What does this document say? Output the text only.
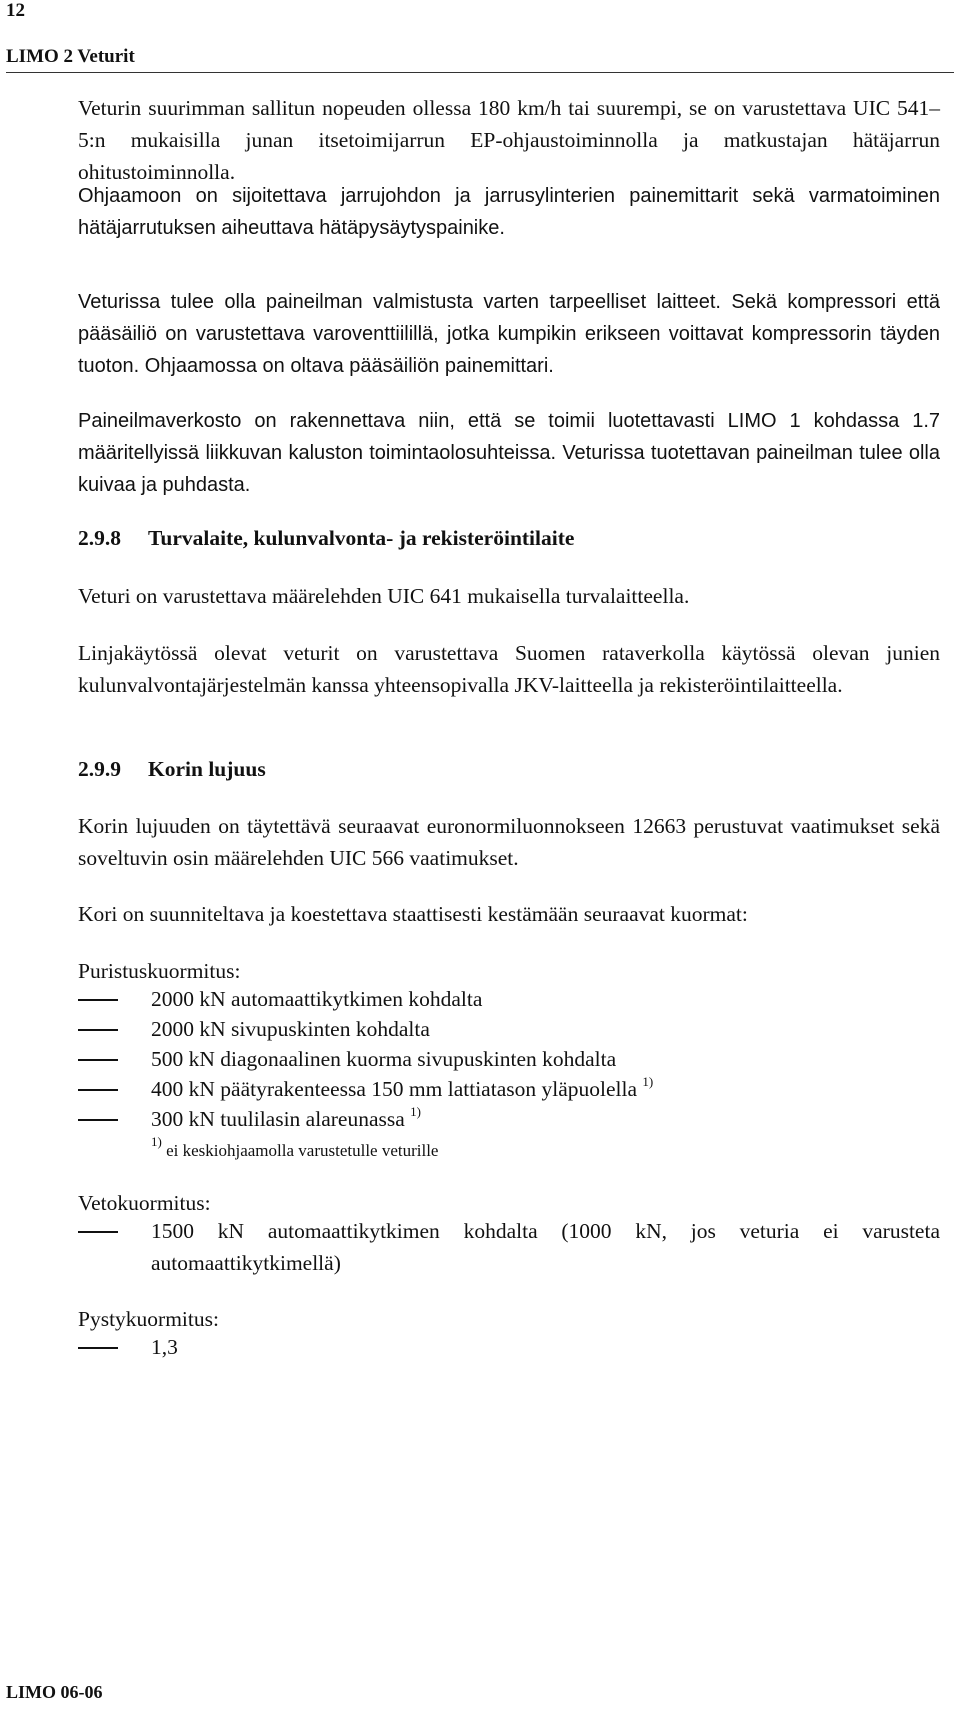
12
LIMO 2 Veturit

Veturin suurimman sallitun nopeuden ollessa 180 km/h tai suurempi, se on varustettava UIC 541–5:n mukaisilla junan itsetoimijarrun EP-ohjaustoiminnolla ja matkustajan hätäjarrun ohitustoiminnolla.

Ohjaamoon on sijoitettava jarrujohdon ja jarrusylinterien painemittarit sekä varmatoiminen hätäjarrutuksen aiheuttava hätäpysäytyspainike.

Veturissa tulee olla paineilman valmistusta varten tarpeelliset laitteet. Sekä kompressori että pääsäiliö on varustettava varoventtiilillä, jotka kumpikin erikseen voittavat kompressorin täyden tuoton. Ohjaamossa on oltava pääsäiliön painemittari.

Paineilmaverkosto on rakennettava niin, että se toimii luotettavasti LIMO 1 kohdassa 1.7 määritellyissä liikkuvan kaluston toimintaolosuhteissa. Veturissa tuotettavan paineilman tulee olla kuivaa ja puhdasta.

2.9.8 Turvalaite, kulunvalvonta- ja rekisteröintilaite

Veturi on varustettava määrelehden UIC 641 mukaisella turvalaitteella.

Linjakäytössä olevat veturit on varustettava Suomen rataverkolla käytössä olevan junien kulunvalvontajärjestelmän kanssa yhteensopivalla JKV-laitteella ja rekisteröintilaitteella.

2.9.9 Korin lujuus

Korin lujuuden on täytettävä seuraavat euronormiluonnokseen 12663 perustuvat vaatimukset sekä soveltuvin osin määrelehden UIC 566 vaatimukset.

Kori on suunniteltava ja koestettava staattisesti kestämään seuraavat kuormat:

Puristuskuormitus:
2000 kN automaattikytkimen kohdalta
2000 kN sivupuskinten kohdalta
500 kN diagonaalinen kuorma sivupuskinten kohdalta
400 kN päätyrakenteessa 150 mm lattiatason yläpuolella $^{1)}$
300 kN tuulilasin alareunassa $^{1)}$
$^{1)}$ ei keskiohjaamolla varustetulle veturille
Vetokuormitus:
1500 kN automaattikytkimen kohdalta (1000 kN, jos veturia ei varusteta automaattikytkimellä)
Pystykuormitus:
1,3
LIMO 06-06
